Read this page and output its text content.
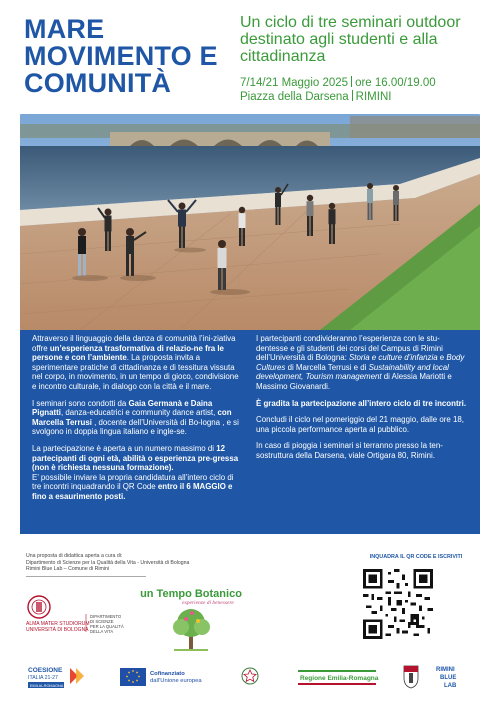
MARE
MOVIMENTO E
COMUNITÀ
Un ciclo di tre seminari outdoor destinato agli studenti e alla cittadinanza
7/14/21 Maggio 2025 ore 16.00/19.00
Piazza della Darsena RIMINI

Attraverso il linguaggio della danza di comunità l’ini-ziativa offre un’esperienza trasformativa di relazio-ne fra le persone e con l’ambiente. La proposta invita a sperimentare pratiche di cittadinanza e di tessitura vissuta nel corpo, in movimento, in un tempo di gioco, condivisione e incontro culturale, in dialogo con la città e il mare.

I seminari sono condotti da Gaia Germanà e Daina Pignatti, danza-educatrici e community dance artist, con Marcella Terrusi , docente dell’Università di Bo-logna , e si svolgono in doppia lingua italiano e ingle-se.

La partecipazione è aperta a un numero massimo di 12 partecipanti di ogni età, abilità o esperienza pre-gressa (non è richiesta nessuna formazione).
E’ possibile inviare la propria candidatura all’intero ciclo di tre incontri inquadrando il QR Code entro il 6 MAGGIO e fino a esaurimento posti.

I partecipanti condivideranno l’esperienza con le stu-dentesse e gli studenti dei corsi del Campus di Rimini dell’Università di Bologna: Storia e culture d’infanzia e Body Cultures di Marcella Terrusi e di Sustainability and local development, Tourism management di Alessia Mariotti e Massimo Giovanardi.

È gradita la partecipazione all’intero ciclo di tre incontri.

Concludi il ciclo nel pomeriggio del 21 maggio, dalle ore 18, una piccola performance aperta al pubblico.

In caso di pioggia i seminari si terranno presso la ten-sostruttura della Darsena, viale Ortigara 80, Rimini.

Una proposta di didattica aperta a cura di:
Dipartimento di Scienze per la Qualità della Vita - Università di Bologna
Rimini Blue Lab – Comune di Rimini
ALMA MATER STUDIORUM
UNIVERSITÀ DI BOLOGNA
DIPARTIMENTO
DI SCIENZE
PER LA QUALITÀ
DELLA VITA
un Tempo Botanico
esperienze di benessere
INQUADRA IL QR CODE E ISCRIVITI
COESIONE
ITALIA 21-27
EMILIA-ROMAGNA
Cofinanziato
dall’Unione europea	Regione Emilia-Romagna
RIMINI
BLUE
LAB
